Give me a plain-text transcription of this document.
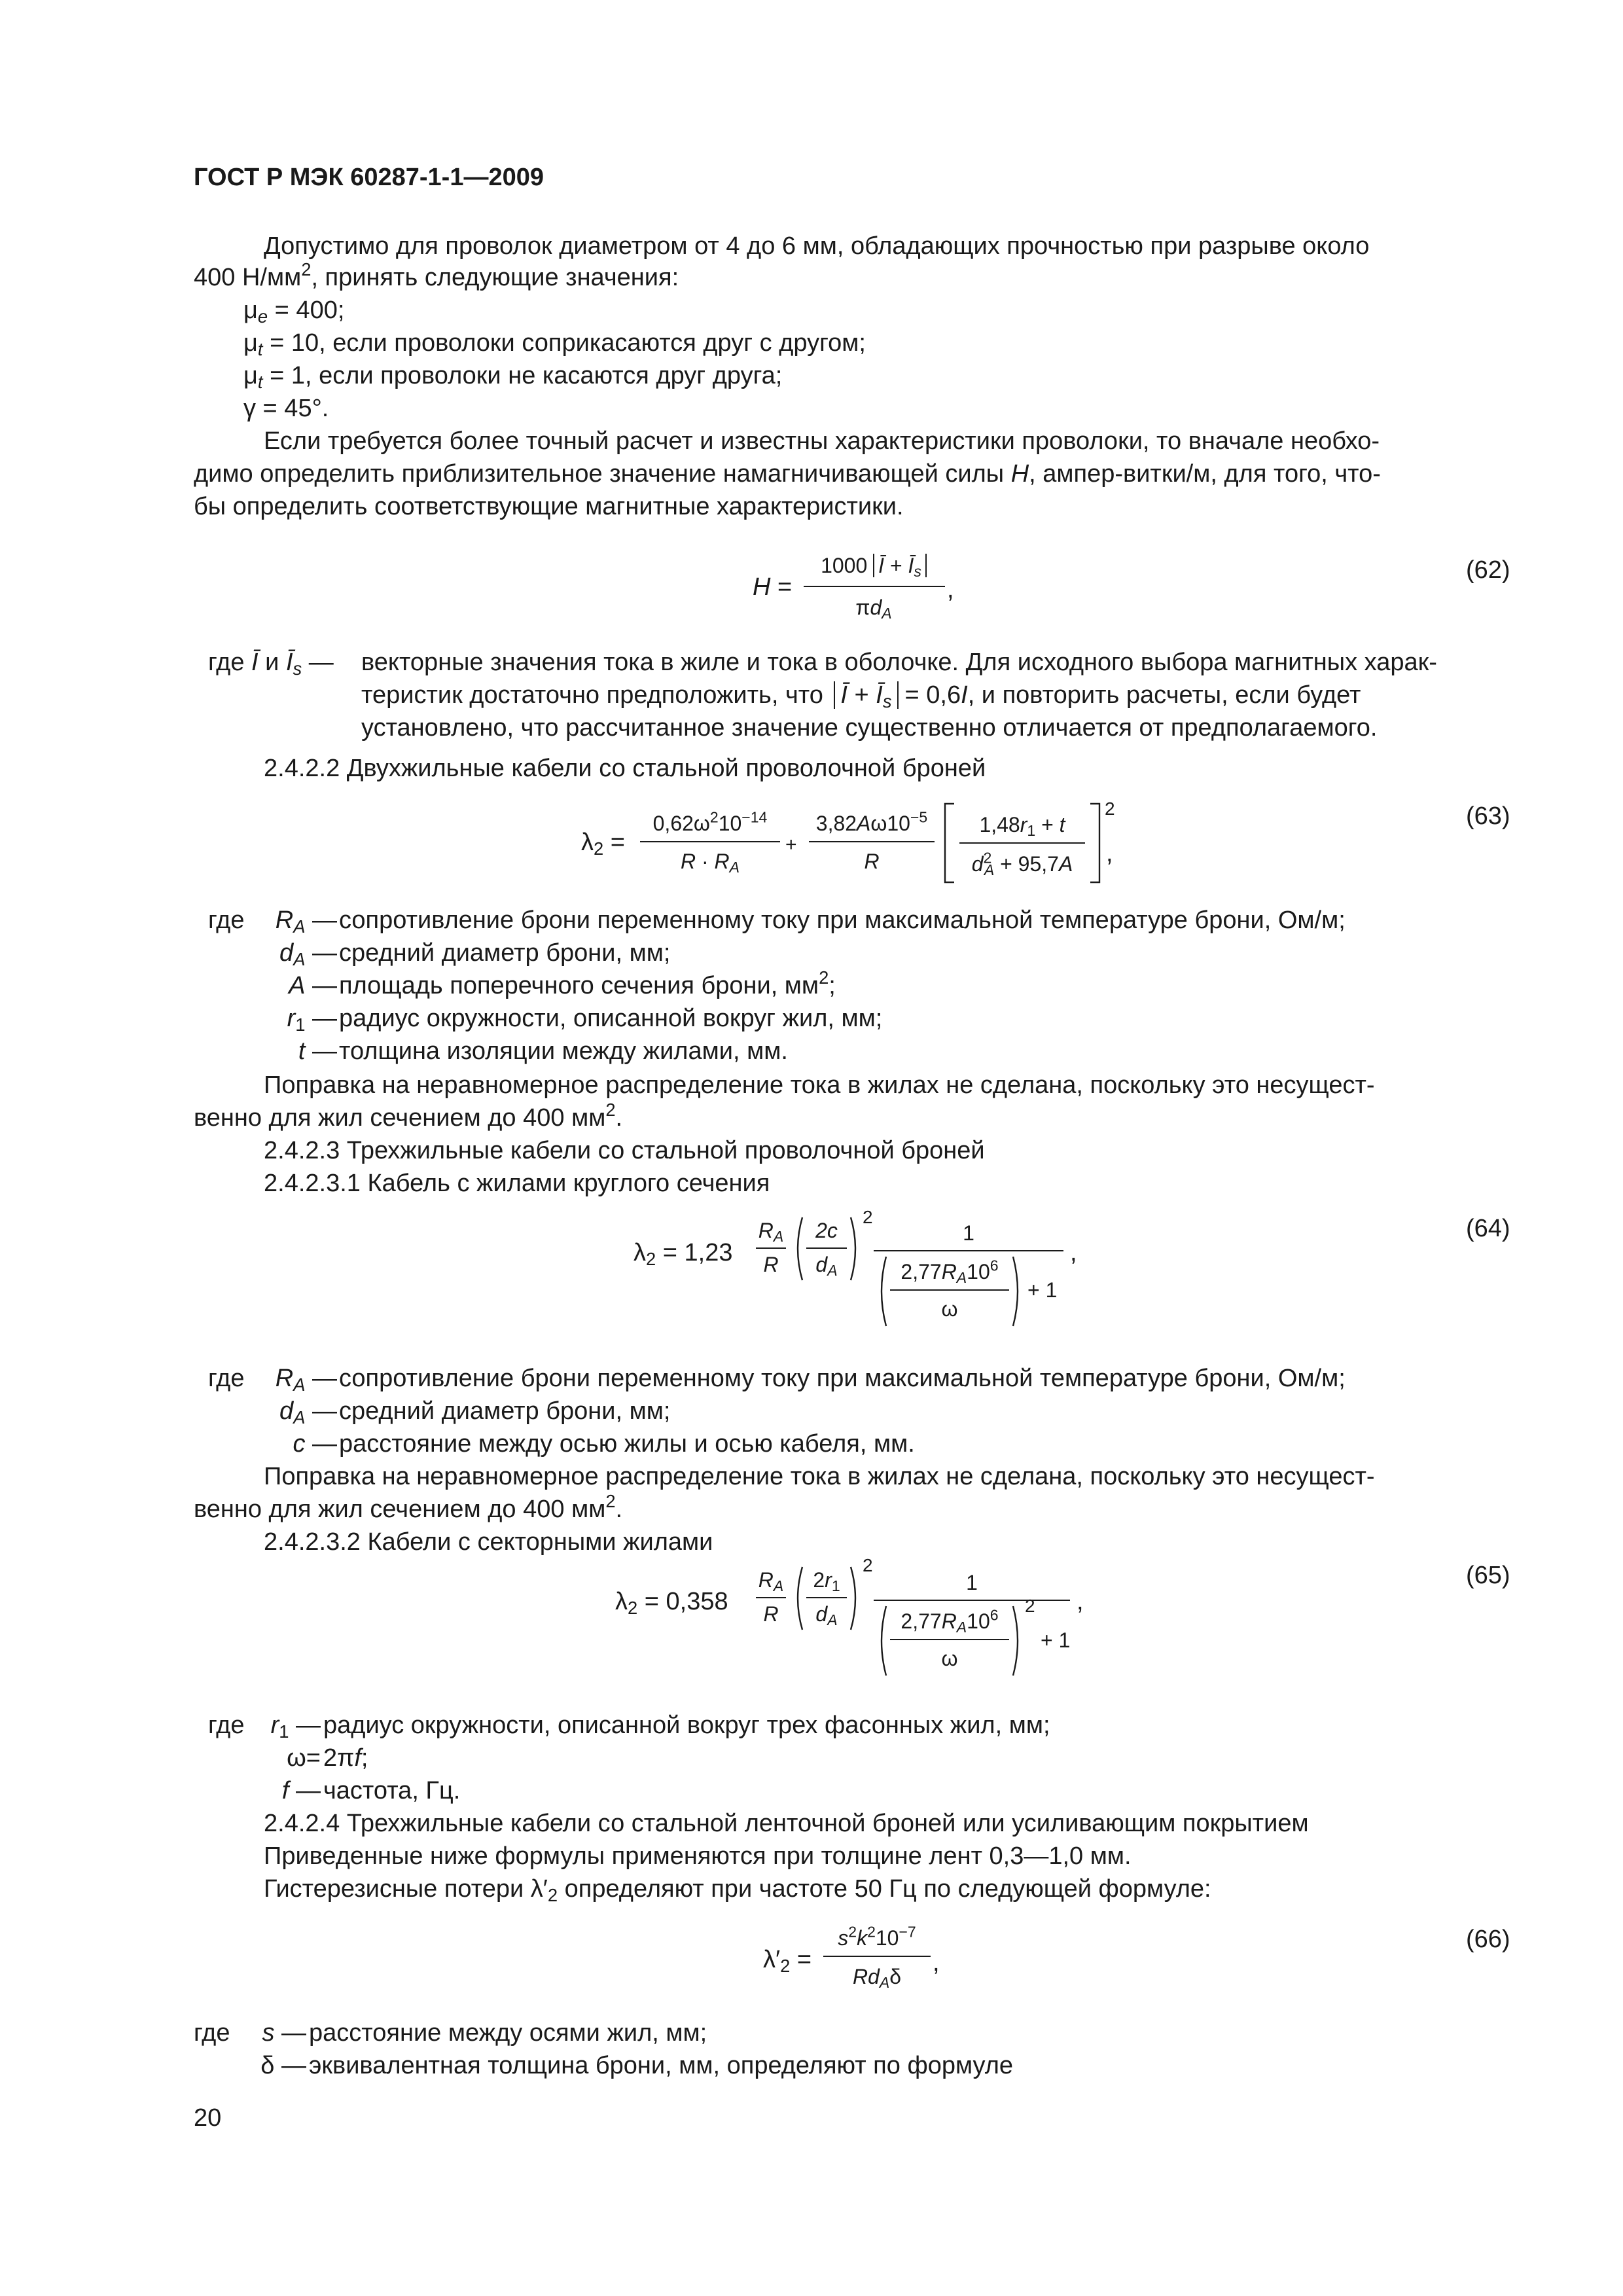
ГОСТ Р МЭК 60287-1-1—2009
Допустимо для проволок диаметром от 4 до 6 мм, обладающих прочностью при разрыве около
400 $Н/мм^2$, принять следующие значения:
$\mu_e = 400$;
$\mu_t = 10$, если проволоки соприкасаются друг с другом;
$\mu_t = 1$, если проволоки не касаются друг друга;
γ = 45°.
Если требуется более точный расчет и известны характеристики проволоки, то вначале необхо-
димо определить приблизительное значение намагничивающей силы H, ампер-витки/м, для того, что-
бы определить соответствующие магнитные характеристики.
H =
1000 Ī + $Ī_s$
$\pi d_A$
,
(62)
где Ī и $Ī_s$ — векторные значения тока в жиле и тока в оболочке. Для исходного выбора магнитных харак-
теристик достаточно предположить, что Ī + $Ī_s = 0,6I$, и повторить расчеты, если будет
установлено, что рассчитанное значение существенно отличается от предполагаемого.
2.4.2.2 Двухжильные кабели со стальной проволочной броней
$\lambda_2$ =
$0,62\omega^210^{-14}$
$R \cdot R_A$
+
$3,82A\omega 10^{-5}$
R
$1,48r_1 + t$
$d^2_A + 95,7A$
2
,
(63)
где $R_A$ — сопротивление брони переменному току при максимальной температуре брони, Ом/м;
$d_A$ — средний диаметр брони, мм;
A — площадь поперечного сечения брони, $мм^2$;
$r_1$ — радиус окружности, описанной вокруг жил, мм;
t — толщина изоляции между жилами, мм.
Поправка на неравномерное распределение тока в жилах не сделана, поскольку это несущест-
венно для жил сечением до 400 $мм^2$.
2.4.2.3 Трехжильные кабели со стальной проволочной броней
2.4.2.3.1 Кабель с жилами круглого сечения
$\lambda_2 = 1,23$
$R_A$
R
2c
$d_A$
2
1
$2,77R_A10^6$
ω
+ 1
,
(64)
где $R_A$ — сопротивление брони переменному току при максимальной температуре брони, Ом/м;
$d_A$ — средний диаметр брони, мм;
c — расстояние между осью жилы и осью кабеля, мм.
Поправка на неравномерное распределение тока в жилах не сделана, поскольку это несущест-
венно для жил сечением до 400 $мм^2$.
2.4.2.3.2 Кабели с секторными жилами
$\lambda_2 = 0,358$
$R_A$
R
$2r_1$
$d_A$
2
1
$2,77R_A10^6$
ω
2
+ 1
,
(65)
где $r_1$ — радиус окружности, описанной вокруг трех фасонных жил, мм;
ω= 2πf;
f — частота, Гц.
2.4.2.4 Трехжильные кабели со стальной ленточной броней или усиливающим покрытием
Приведенные ниже формулы применяются при толщине лент 0,3—1,0 мм.
Гистерезисные потери $\lambda'_2$ определяют при частоте 50 Гц по следующей формуле:
$\lambda'_2$ =
$s^2k^210^{-7}$
$Rd_A\delta$	,
(66)
где s — расстояние между осями жил, мм;
δ — эквивалентная толщина брони, мм, определяют по формуле
20
